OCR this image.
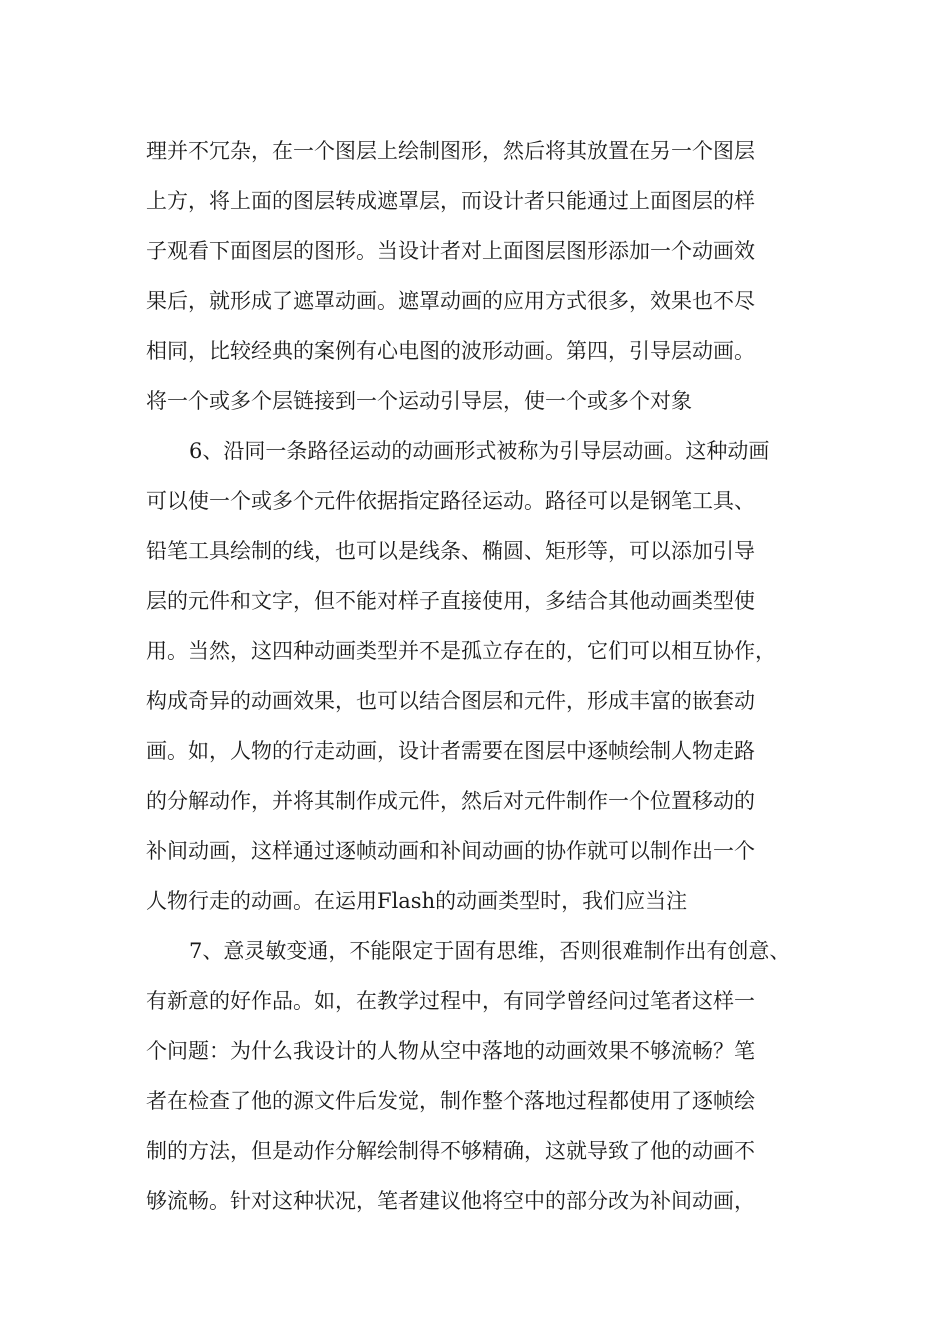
理并不冗杂，在一个图层上绘制图形，然后将其放置在另一个图层
上方，将上面的图层转成遮罩层，而设计者只能通过上面图层的样
子观看下面图层的图形。当设计者对上面图层图形添加一个动画效
果后，就形成了遮罩动画。遮罩动画的应用方式很多，效果也不尽
相同，比较经典的案例有心电图的波形动画。第四，引导层动画。
将一个或多个层链接到一个运动引导层，使一个或多个对象
6、沿同一条路径运动的动画形式被称为引导层动画。这种动画
可以使一个或多个元件依据指定路径运动。路径可以是钢笔工具、
铅笔工具绘制的线，也可以是线条、椭圆、矩形等，可以添加引导
层的元件和文字，但不能对样子直接使用，多结合其他动画类型使
用。当然，这四种动画类型并不是孤立存在的，它们可以相互协作，
构成奇异的动画效果，也可以结合图层和元件，形成丰富的嵌套动
画。如，人物的行走动画，设计者需要在图层中逐帧绘制人物走路
的分解动作，并将其制作成元件，然后对元件制作一个位置移动的
补间动画，这样通过逐帧动画和补间动画的协作就可以制作出一个
人物行走的动画。在运用Flash的动画类型时，我们应当注
7、意灵敏变通，不能限定于固有思维，否则很难制作出有创意、
有新意的好作品。如，在教学过程中，有同学曾经问过笔者这样一
个问题：为什么我设计的人物从空中落地的动画效果不够流畅？笔
者在检查了他的源文件后发觉，制作整个落地过程都使用了逐帧绘
制的方法，但是动作分解绘制得不够精确，这就导致了他的动画不
够流畅。针对这种状况，笔者建议他将空中的部分改为补间动画，
